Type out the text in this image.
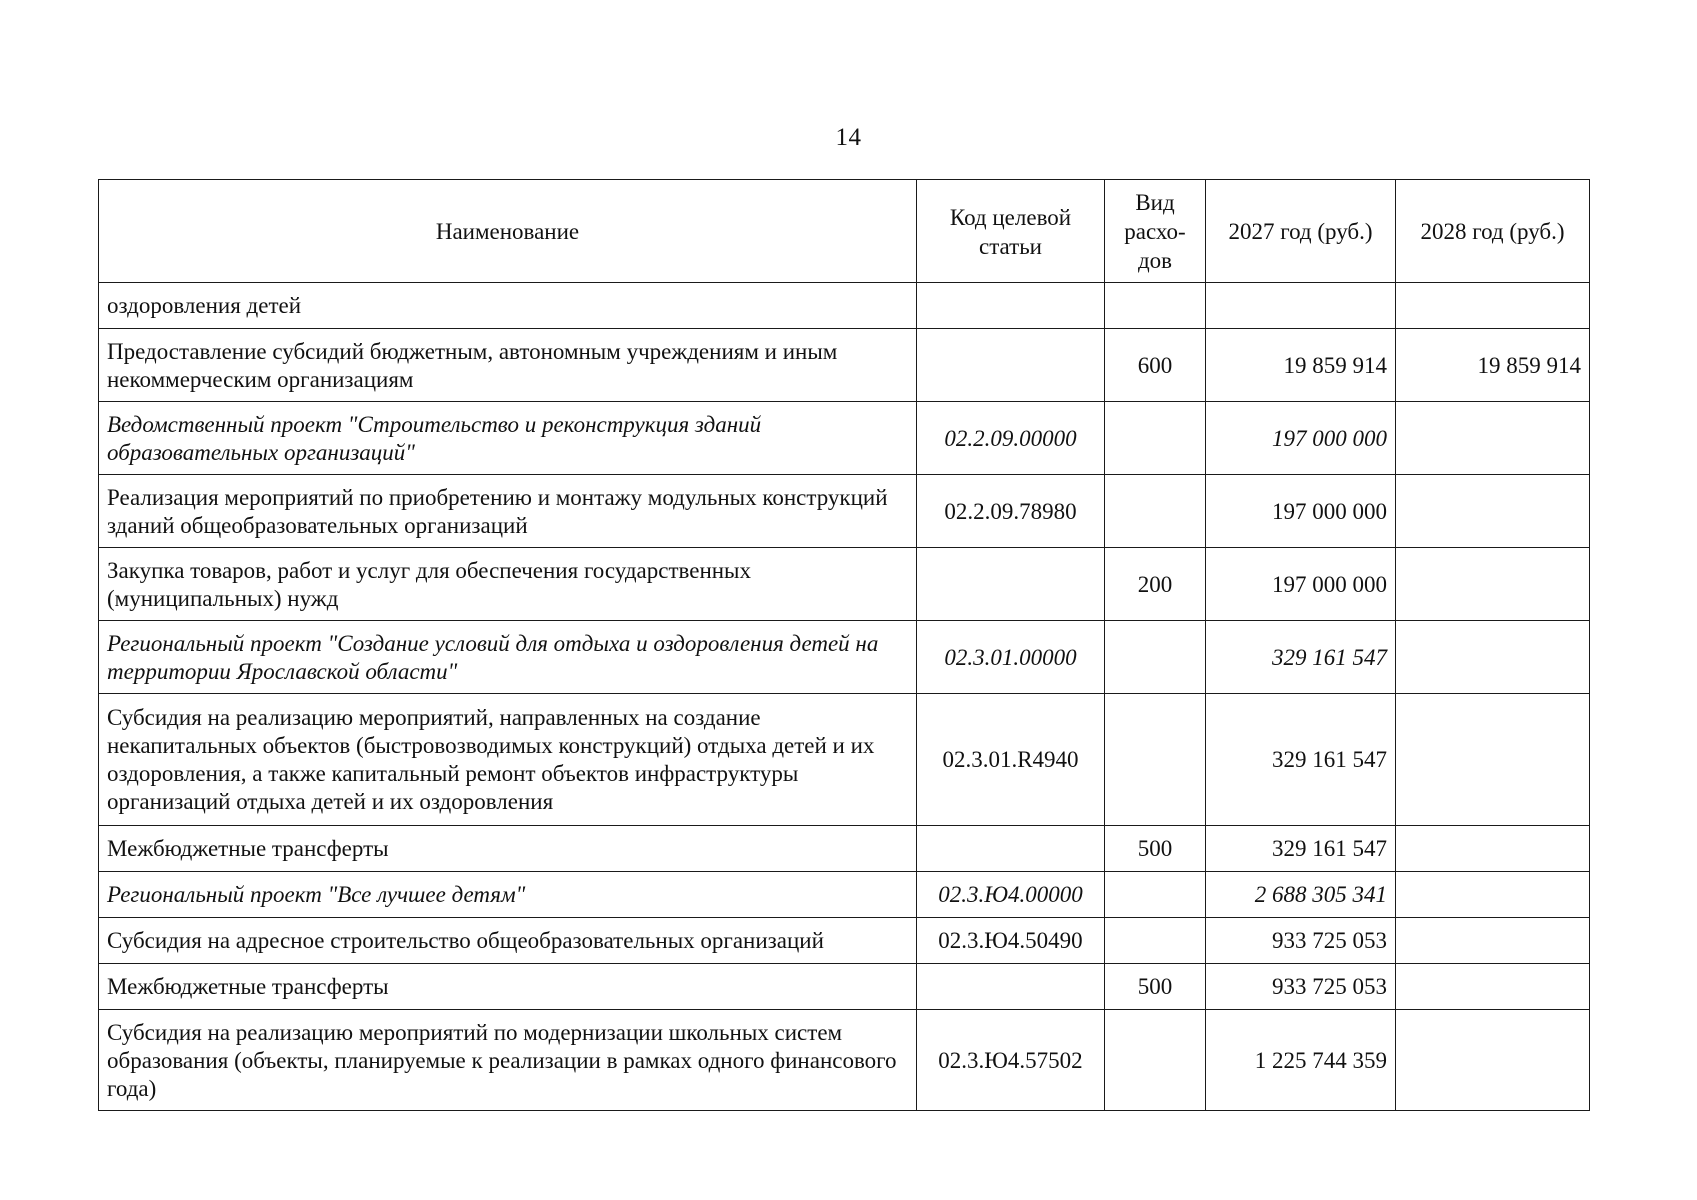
14
Наименование	Код целевой статьи	Вид расхо-дов	2027 год (руб.)	2028 год (руб.)
оздоровления детей				
Предоставление субсидий бюджетным, автономным учреждениям и иным некоммерческим организациям		600	19 859 914	19 859 914
Ведомственный проект "Строительство и реконструкция зданий образовательных организаций"	02.2.09.00000		197 000 000	
Реализация мероприятий по приобретению и монтажу модульных конструкций зданий общеобразовательных организаций	02.2.09.78980		197 000 000	
Закупка товаров, работ и услуг для обеспечения государственных (муниципальных) нужд		200	197 000 000	
Региональный проект "Создание условий для отдыха и оздоровления детей на территории Ярославской области"	02.3.01.00000		329 161 547	
Субсидия на реализацию мероприятий, направленных на создание некапитальных объектов (быстровозводимых конструкций) отдыха детей и их оздоровления, а также капитальный ремонт объектов инфраструктуры организаций отдыха детей и их оздоровления	02.3.01.R4940		329 161 547	
Межбюджетные трансферты		500	329 161 547	
Региональный проект "Все лучшее детям"	02.3.Ю4.00000		2 688 305 341	
Субсидия на адресное строительство общеобразовательных организаций	02.3.Ю4.50490		933 725 053	
Межбюджетные трансферты		500	933 725 053	
Субсидия на реализацию мероприятий по модернизации школьных систем образования (объекты, планируемые к реализации в рамках одного финансового года)	02.3.Ю4.57502		1 225 744 359	
